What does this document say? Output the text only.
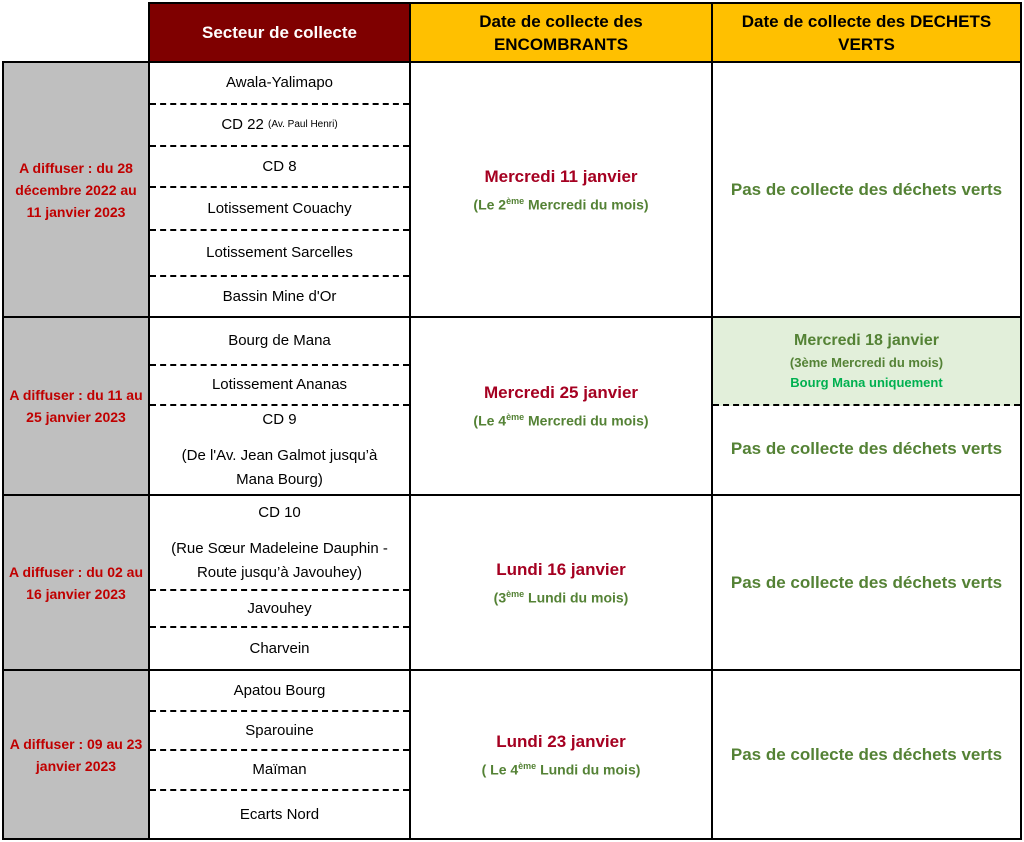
Secteur de collecte
Date de collecte des ENCOMBRANTS
Date de collecte des DECHETS VERTS
A diffuser : du 28 décembre 2022 au 11 janvier 2023
Awala-Yalimapo
CD 22
(Av. Paul Henri)
CD 8
Lotissement Couachy
Lotissement Sarcelles
Bassin Mine d'Or
Mercredi 11 janvier
(Le 2ème Mercredi du mois)
Pas de collecte des déchets verts
A diffuser : du 11 au 25 janvier 2023
Bourg de Mana
Lotissement Ananas
CD 9
(De l'Av. Jean Galmot jusqu’à Mana Bourg)
Mercredi 25 janvier
(Le 4ème Mercredi du mois)
Mercredi 18 janvier
(3ème Mercredi du mois)
Bourg Mana uniquement
Pas de collecte des déchets verts
A diffuser : du 02 au 16 janvier 2023
CD 10
(Rue Sœur Madeleine Dauphin - Route jusqu’à Javouhey)
Javouhey
Charvein
Lundi 16 janvier
(3ème Lundi du mois)
Pas de collecte des déchets verts
A diffuser : 09 au 23 janvier 2023
Apatou Bourg
Sparouine
Maïman
Ecarts Nord
Lundi 23 janvier
( Le 4ème Lundi du mois)
Pas de collecte des déchets verts
